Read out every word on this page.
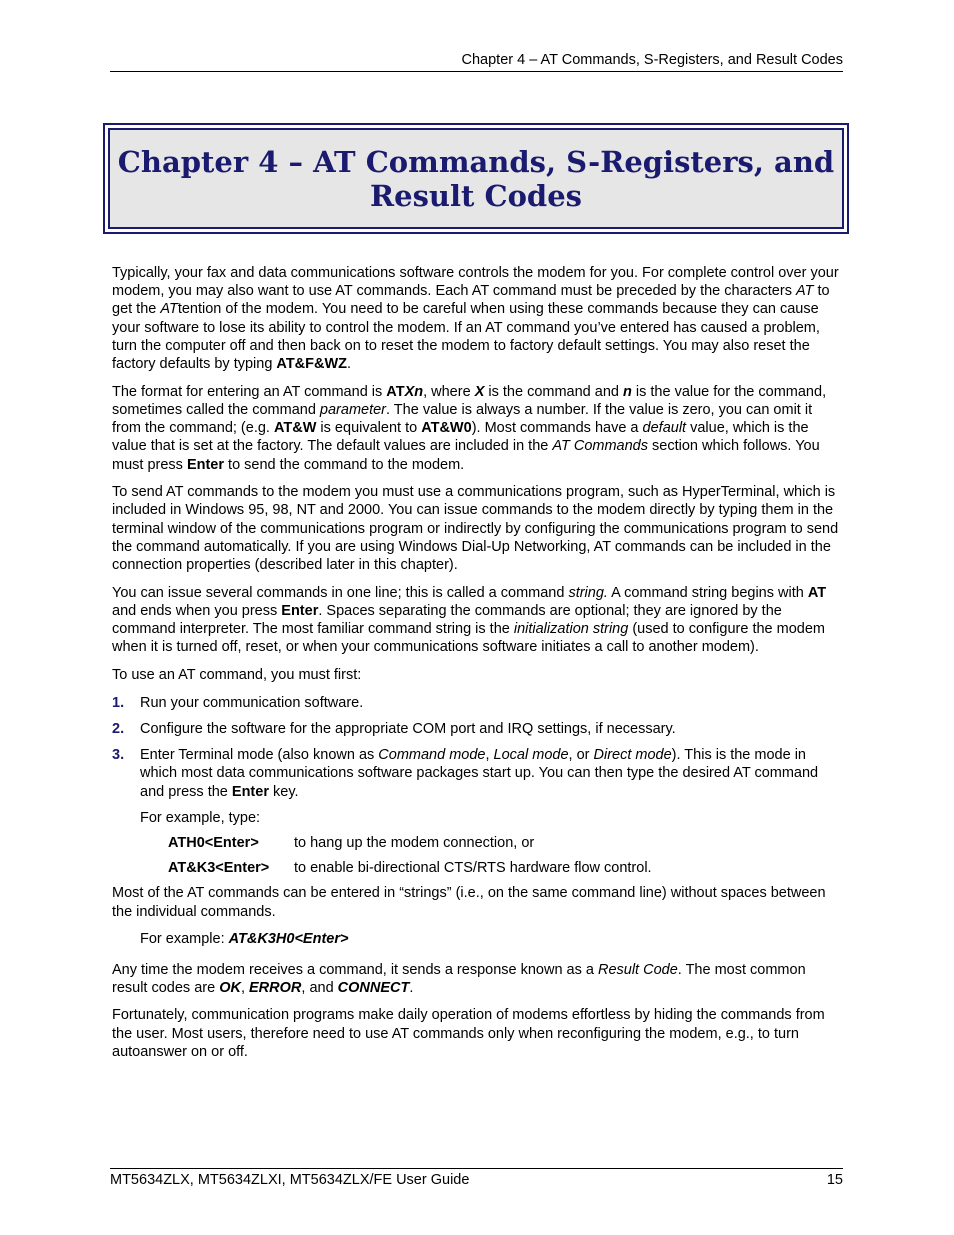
Chapter 4 – AT Commands, S-Registers, and Result Codes
Chapter 4 – AT Commands, S-Registers, and Result Codes

Typically, your fax and data communications software controls the modem for you. For complete control over your modem, you may also want to use AT commands. Each AT command must be preceded by the characters AT to get the ATtention of the modem. You need to be careful when using these commands because they can cause your software to lose its ability to control the modem. If an AT command you’ve entered has caused a problem, turn the computer off and then back on to reset the modem to factory default settings. You may also reset the factory defaults by typing AT&F&WZ.

The format for entering an AT command is ATXn, where X is the command and n is the value for the command, sometimes called the command parameter. The value is always a number. If the value is zero, you can omit it from the command; (e.g. AT&W is equivalent to AT&W0). Most commands have a default value, which is the value that is set at the factory. The default values are included in the AT Commands section which follows. You must press Enter to send the command to the modem.

To send AT commands to the modem you must use a communications program, such as HyperTerminal, which is included in Windows 95, 98, NT and 2000. You can issue commands to the modem directly by typing them in the terminal window of the communications program or indirectly by configuring the communications program to send the command automatically. If you are using Windows Dial-Up Networking, AT commands can be included in the connection properties (described later in this chapter).

You can issue several commands in one line; this is called a command string. A command string begins with AT and ends when you press Enter. Spaces separating the commands are optional; they are ignored by the command interpreter. The most familiar command string is the initialization string (used to configure the modem when it is turned off, reset, or when your communications software initiates a call to another modem).

To use an AT command, you must first:

1. Run your communication software.
2. Configure the software for the appropriate COM port and IRQ settings, if necessary.
3. Enter Terminal mode (also known as Command mode, Local mode, or Direct mode). This is the mode in which most data communications software packages start up. You can then type the desired AT command and press the Enter key.
For example, type:
ATH0<Enter>	to hang up the modem connection, or
AT&K3<Enter>	to enable bi-directional CTS/RTS hardware flow control.

Most of the AT commands can be entered in “strings” (i.e., on the same command line) without spaces between the individual commands.

For example: AT&K3H0<Enter>

Any time the modem receives a command, it sends a response known as a Result Code. The most common result codes are OK, ERROR, and CONNECT.

Fortunately, communication programs make daily operation of modems effortless by hiding the commands from the user. Most users, therefore need to use AT commands only when reconfiguring the modem, e.g., to turn autoanswer on or off.

MT5634ZLX, MT5634ZLXI, MT5634ZLX/FE User Guide	15
